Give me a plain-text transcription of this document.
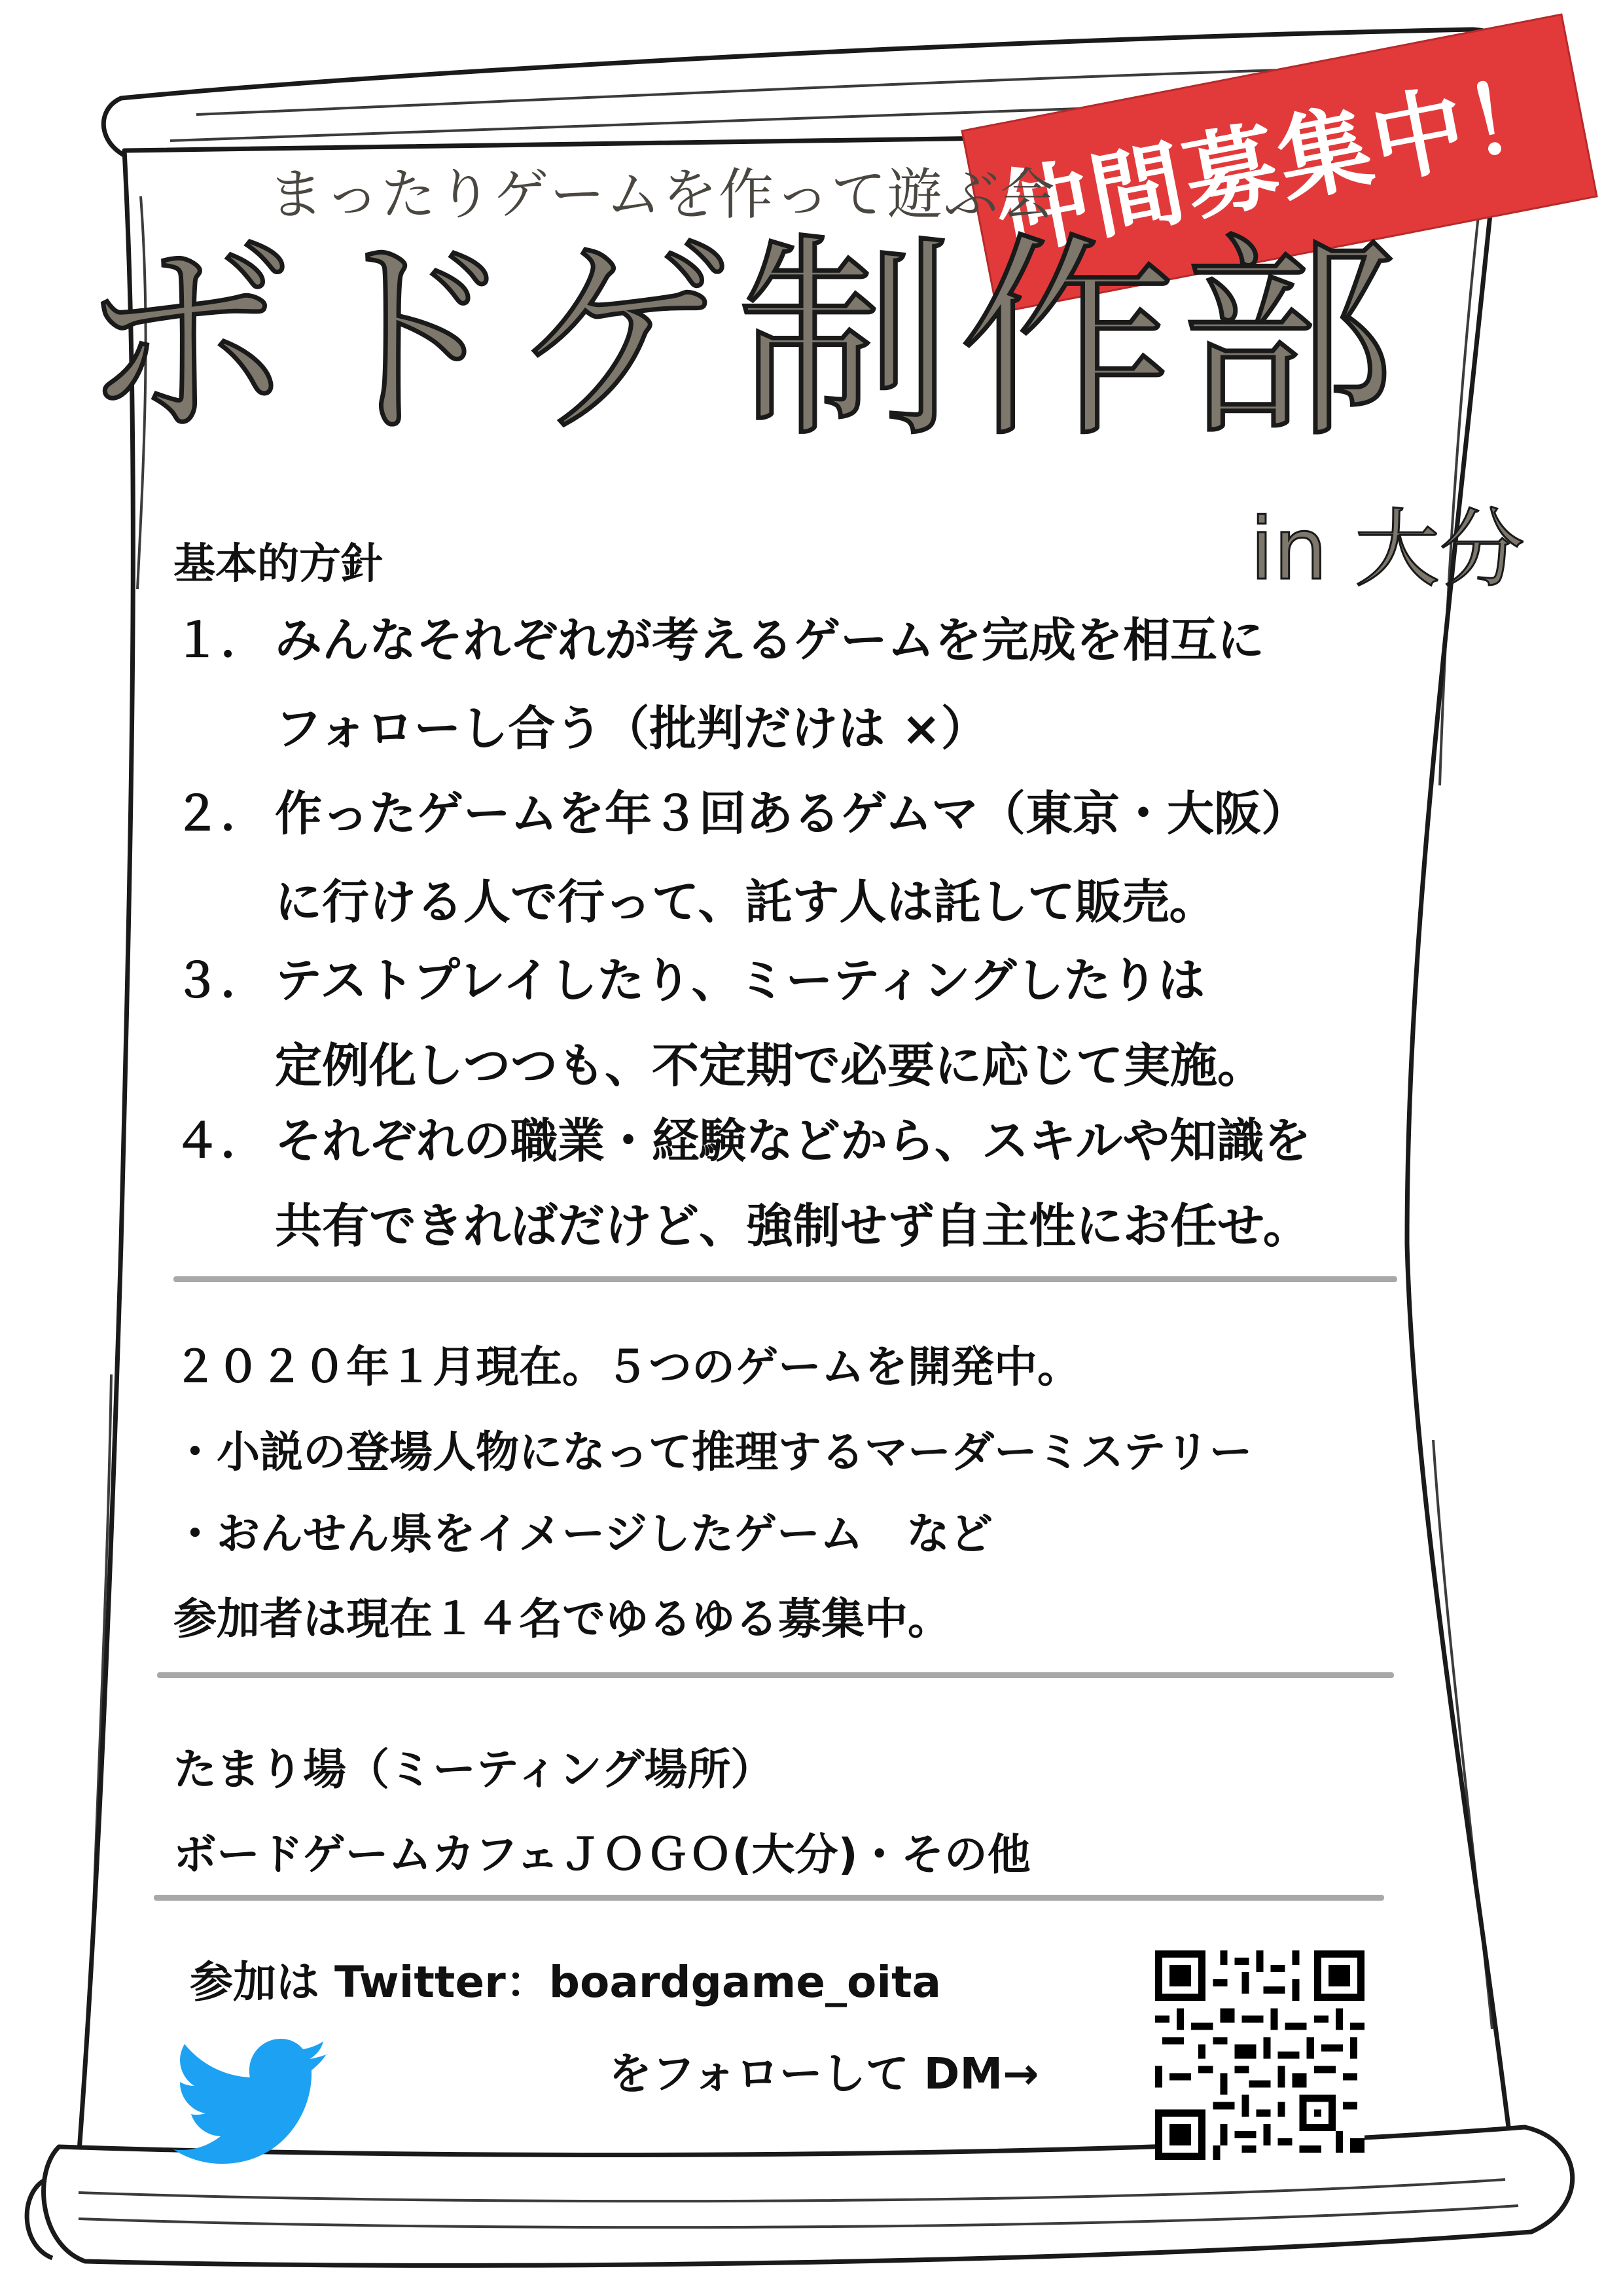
仲間募集中！
まったりゲームを作って遊ぶ会
ボドゲ制作部
in 大分
基本的方針
１． みんなそれぞれが考えるゲームを完成を相互に
フォローし合う（批判だけは ×）
２． 作ったゲームを年３回あるゲムマ（東京・大阪）
に行ける人で行って、託す人は託して販売。
３． テストプレイしたり、ミーティングしたりは
定例化しつつも、不定期で必要に応じて実施。
４． それぞれの職業・経験などから、スキルや知識を
共有できればだけど、強制せず自主性にお任せ。
２０２０年１月現在。５つのゲームを開発中。
・小説の登場人物になって推理するマーダーミステリー
・おんせん県をイメージしたゲーム　など
参加者は現在１４名でゆるゆる募集中。
たまり場（ミーティング場所）
ボードゲームカフェＪＯＧＯ(大分)・その他
参加は Twitter：boardgame_oita
をフォローして DM→
